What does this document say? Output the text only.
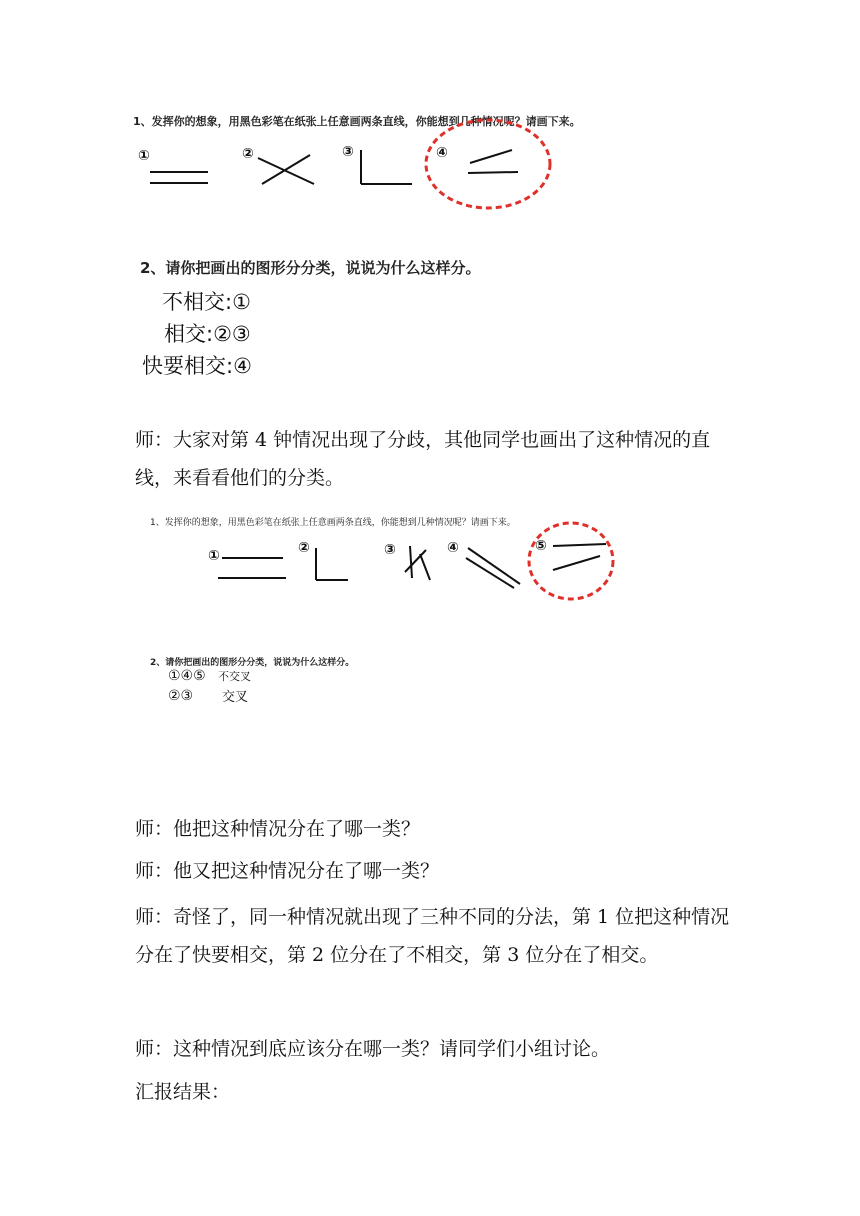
1、发挥你的想象，用黑色彩笔在纸张上任意画两条直线，你能想到几种情况呢？请画下来。
①	②	③	④
2、请你把画出的图形分分类，说说为什么这样分。
不相交:①
相交:②③
快要相交:④
师：大家对第 4 钟情况出现了分歧，其他同学也画出了这种情况的直线，来看看他们的分类。
1、发挥你的想象，用黑色彩笔在纸张上任意画两条直线，你能想到几种情况呢？请画下来。
①	②	③	④	⑤
2、请你把画出的图形分分类，说说为什么这样分。
①④⑤ 不交叉
②③ 交叉
师：他把这种情况分在了哪一类？
师：他又把这种情况分在了哪一类？
师：奇怪了，同一种情况就出现了三种不同的分法，第 1 位把这种情况分在了快要相交，第 2 位分在了不相交，第 3 位分在了相交。
师：这种情况到底应该分在哪一类？请同学们小组讨论。
汇报结果：
